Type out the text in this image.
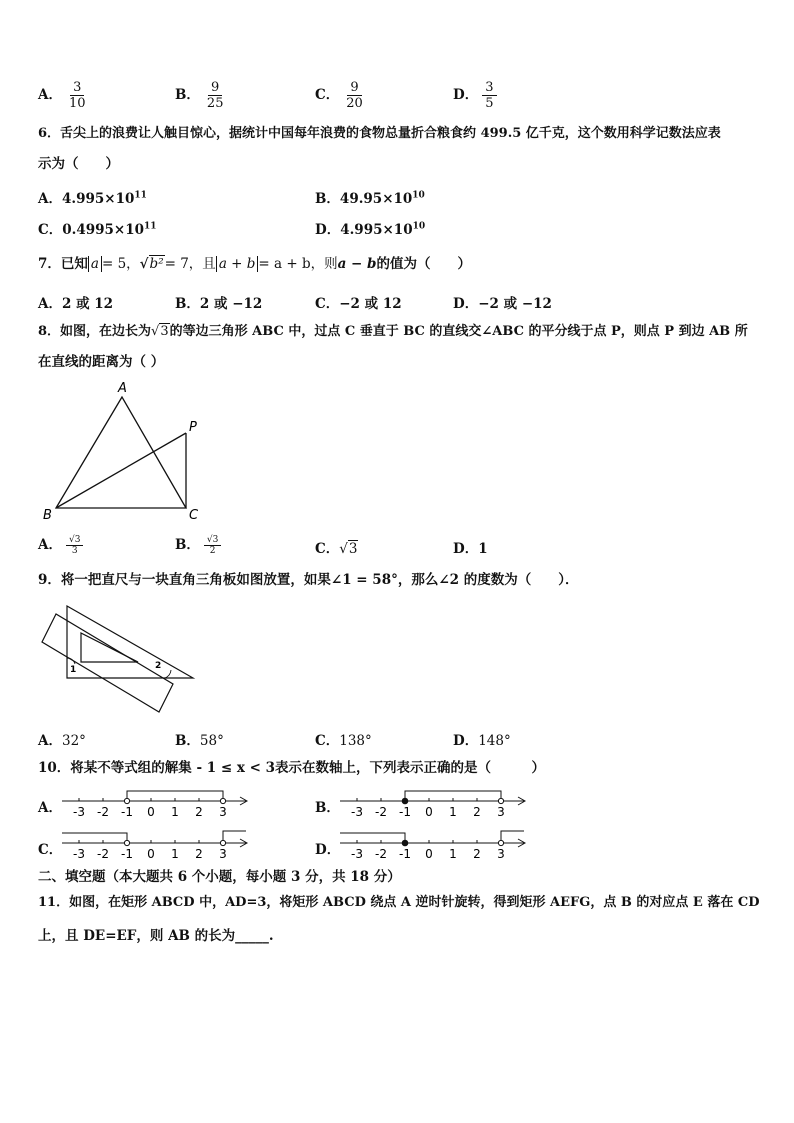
A． $\frac{3}{10}$	B． $\frac{9}{25}$	C． $\frac{9}{20}$	D． $\frac{3}{5}$
6．舌尖上的浪费让人触目惊心，据统计中国每年浪费的食物总量折合粮食约 499.5 亿千克，这个数用科学记数法应表
示为（　　）
A．$4.995\times 10^{11}$	B．$49.95\times 10^{10}$
C．$0.4995\times 10^{11}$	D．$4.995\times 10^{10}$
7．已知 a = 5，√b²= 7，且 a + b = a + b，则a − b的值为（　　）
A．2 或 12	B．2 或 −12	C．−2 或 12	D．−2 或 −12
8．如图，在边长为√3的等边三角形 ABC 中，过点 C 垂直于 BC 的直线交∠ABC 的平分线于点 P，则点 P 到边 AB 所
在直线的距离为（ ）
A
B	C
P
A． $\frac{√3}{3}$	B． $\frac{√3}{2}$	C．√3	D．1
9．将一把直尺与一块直角三角板如图放置，如果∠1 = 58°，那么∠2 的度数为（　　）．
1	2
A．32°	B．58°	C．138°	D．148°
10．将某不等式组的解集 - 1 ≤ x < 3表示在数轴上，下列表示正确的是（　　　）
A．	B．
C．	D．
-3 -2 -1 0 1 2 3	-3 -2 -1 0 1 2 3
-3 -2 -1 0 1 2 3	-3 -2 -1 0 1 2 3
二、填空题（本大题共 6 个小题，每小题 3 分，共 18 分）
11．如图，在矩形 ABCD 中，AD=3，将矩形 ABCD 绕点 A 逆时针旋转，得到矩形 AEFG，点 B 的对应点 E 落在 CD
上，且 DE=EF，则 AB 的长为_____.
